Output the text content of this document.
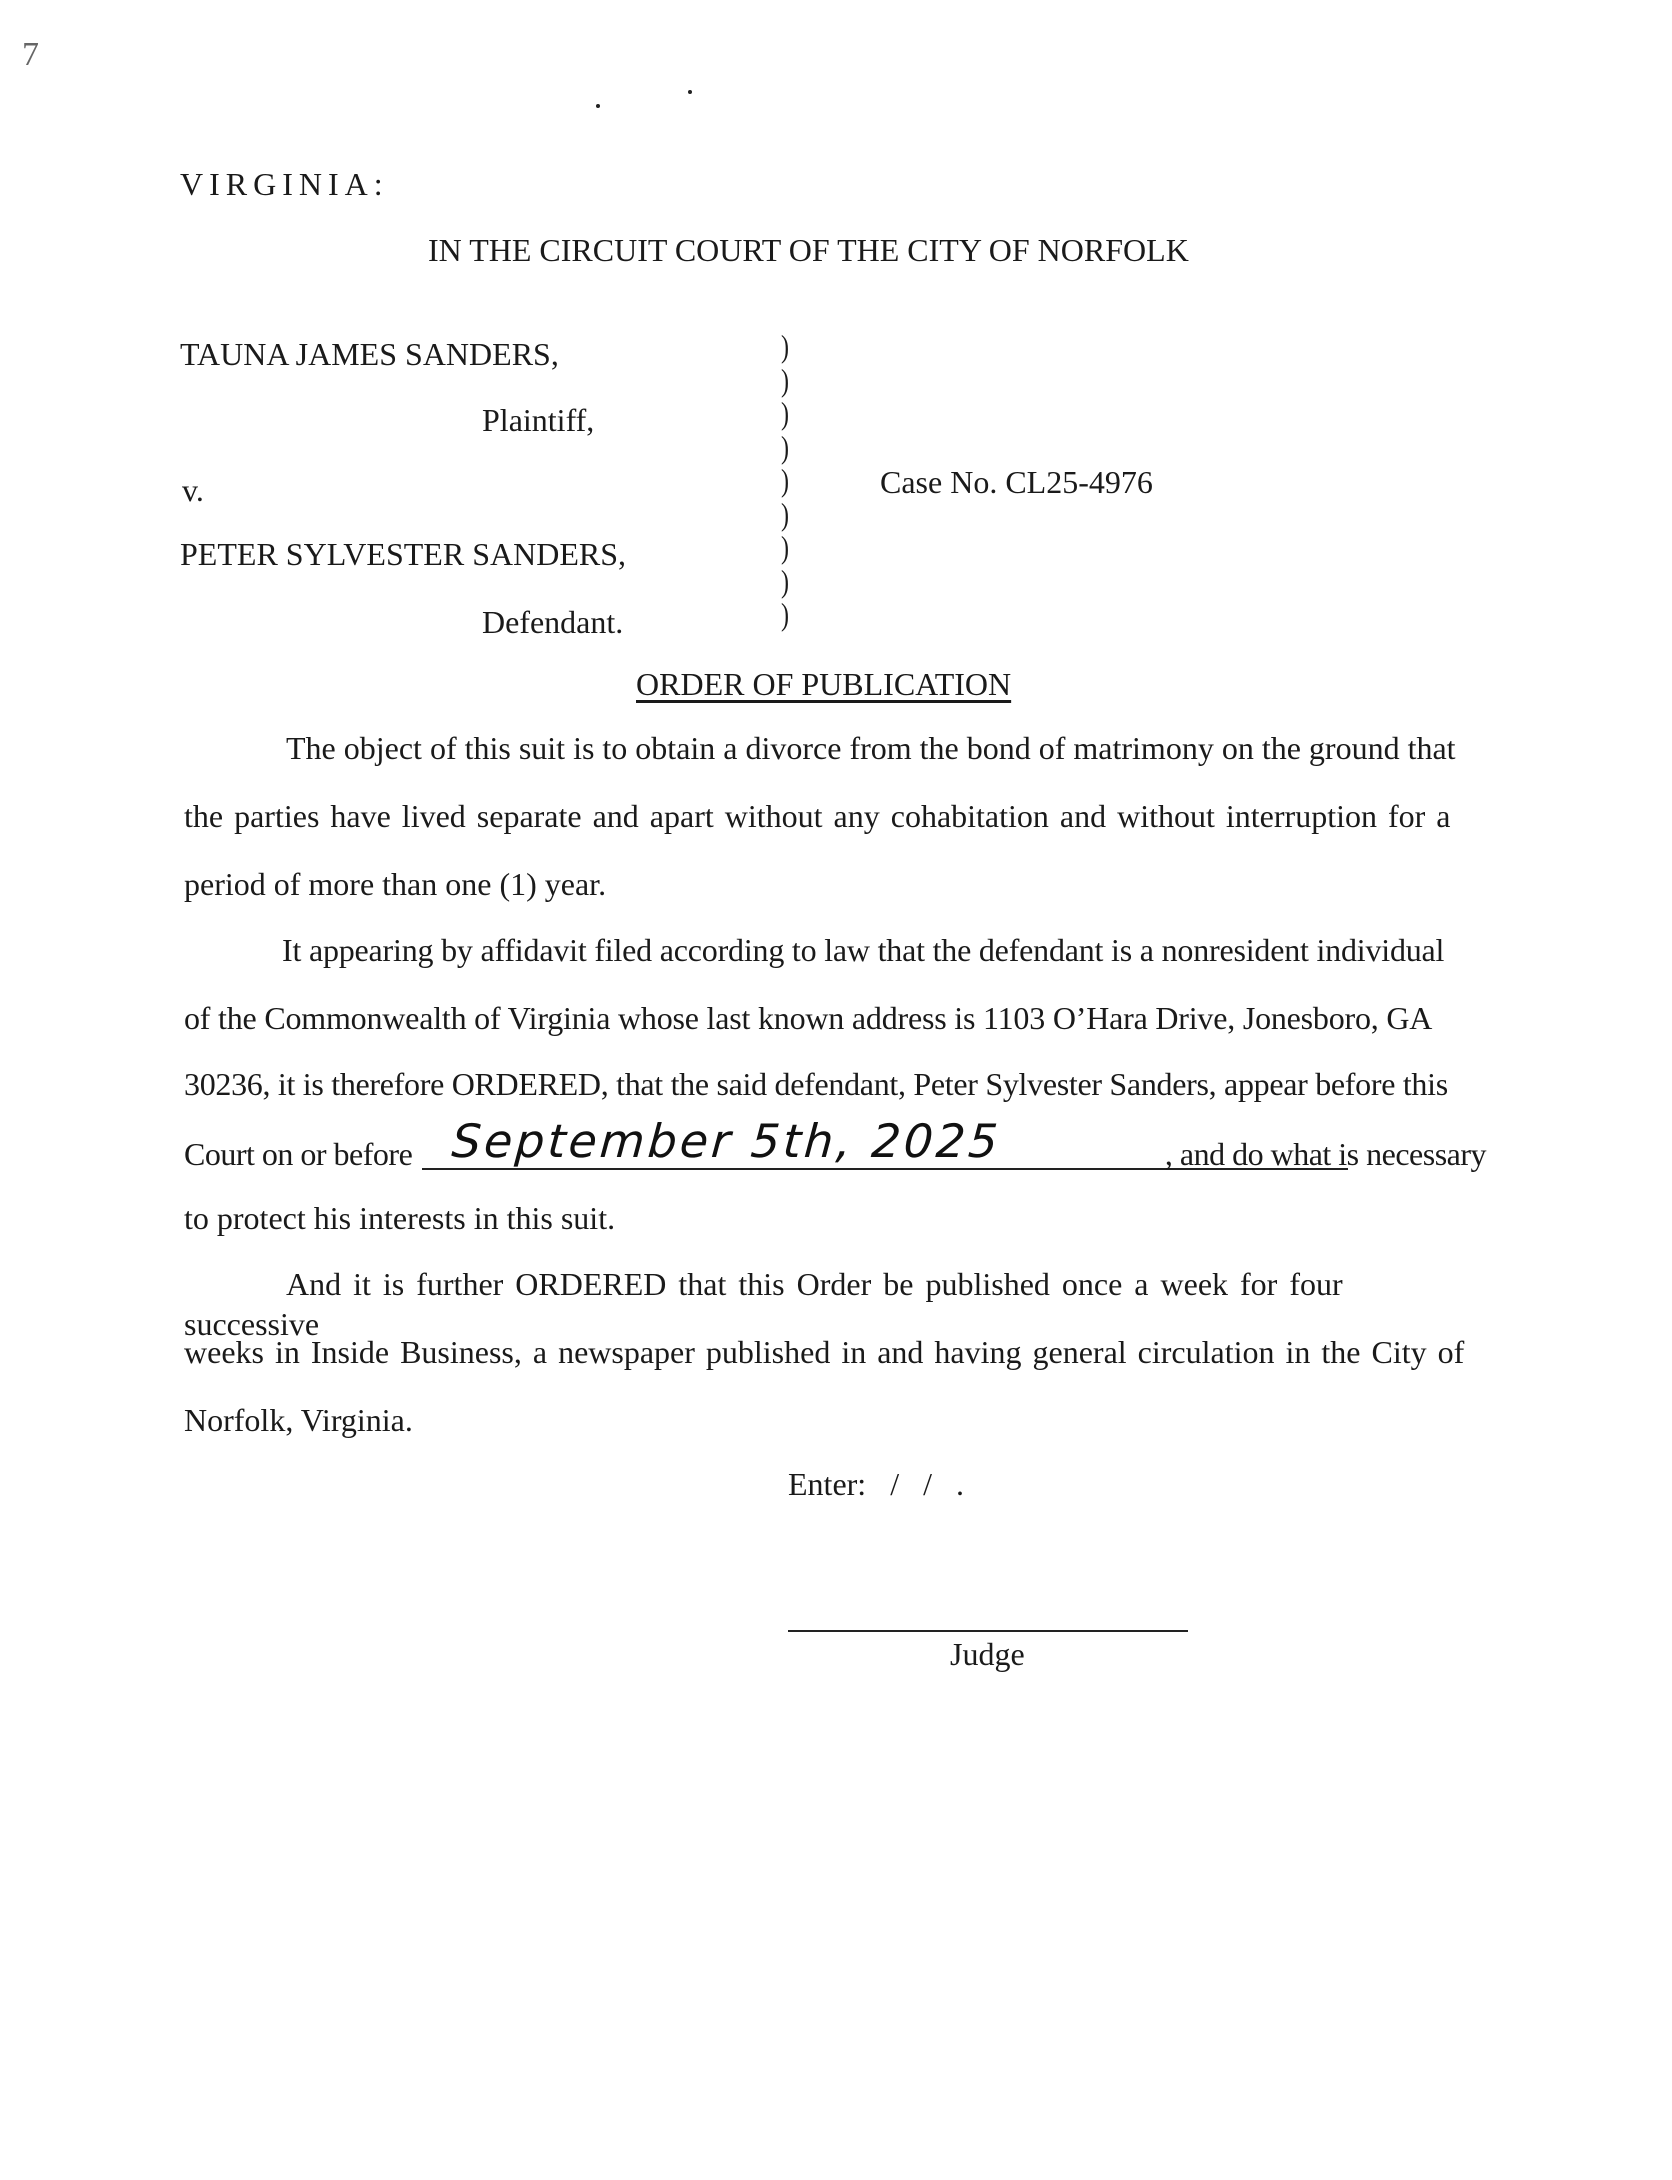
7
VIRGINIA:
IN THE CIRCUIT COURT OF THE CITY OF NORFOLK
TAUNA JAMES SANDERS,
Plaintiff,
v.
PETER SYLVESTER SANDERS,
Defendant.
)
)
)
)
)
)
)
)
)
Case No. CL25-4976
ORDER OF PUBLICATION
The object of this suit is to obtain a divorce from the bond of matrimony on the ground that
the parties have lived separate and apart without any cohabitation and without interruption for a
period of more than one (1) year.
It appearing by affidavit filed according to law that the defendant is a nonresident individual
of the Commonwealth of Virginia whose last known address is 1103 O’Hara Drive, Jonesboro, GA
30236, it is therefore ORDERED, that the said defendant, Peter Sylvester Sanders, appear before this
Court on or before September 5th, 2025	, and do what is necessary
to protect his interests in this suit.
And it is further ORDERED that this Order be published once a week for four successive
weeks in Inside Business, a newspaper published in and having general circulation in the City of
Norfolk, Virginia.
Enter:   /   /   .
Judge
